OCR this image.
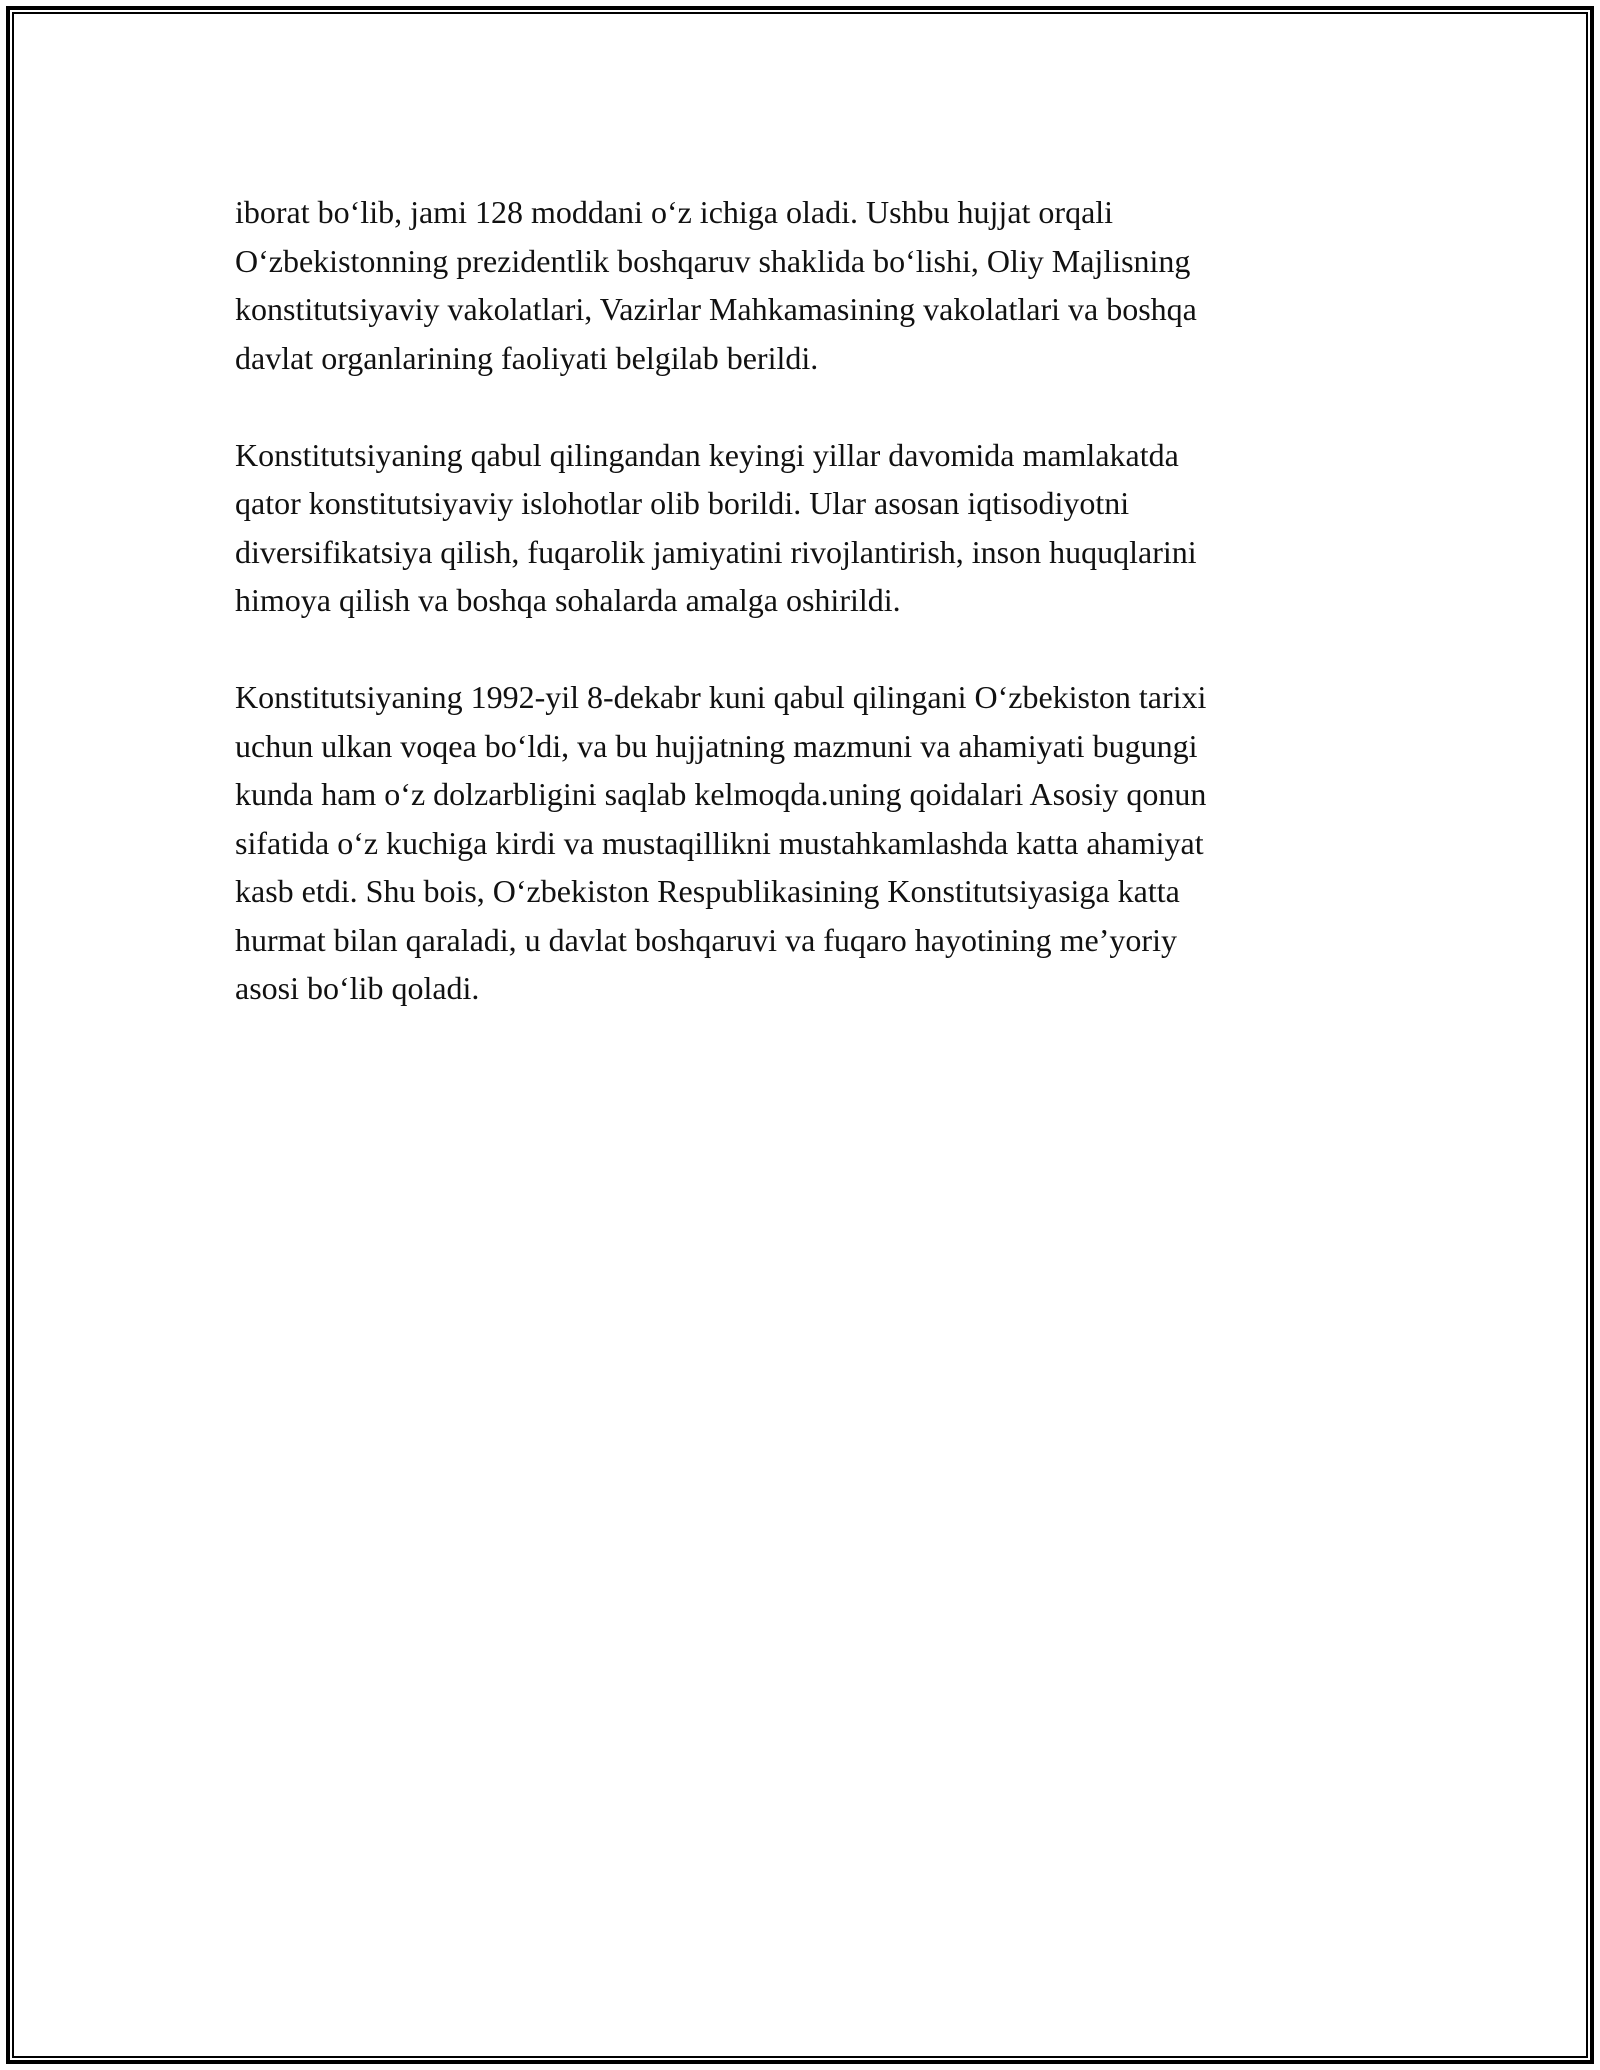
iborat bo‘lib, jami 128 moddani o‘z ichiga oladi. Ushbu hujjat orqali
O‘zbekistonning prezidentlik boshqaruv shaklida bo‘lishi, Oliy Majlisning
konstitutsiyaviy vakolatlari, Vazirlar Mahkamasining vakolatlari va boshqa
davlat organlarining faoliyati belgilab berildi.

Konstitutsiyaning qabul qilingandan keyingi yillar davomida mamlakatda
qator konstitutsiyaviy islohotlar olib borildi. Ular asosan iqtisodiyotni
diversifikatsiya qilish, fuqarolik jamiyatini rivojlantirish, inson huquqlarini
himoya qilish va boshqa sohalarda amalga oshirildi.

Konstitutsiyaning 1992-yil 8-dekabr kuni qabul qilingani O‘zbekiston tarixi
uchun ulkan voqea bo‘ldi, va bu hujjatning mazmuni va ahamiyati bugungi
kunda ham o‘z dolzarbligini saqlab kelmoqda.uning qoidalari Asosiy qonun
sifatida o‘z kuchiga kirdi va mustaqillikni mustahkamlashda katta ahamiyat
kasb etdi. Shu bois, O‘zbekiston Respublikasining Konstitutsiyasiga katta
hurmat bilan qaraladi, u davlat boshqaruvi va fuqaro hayotining me’yoriy
asosi bo‘lib qoladi.
